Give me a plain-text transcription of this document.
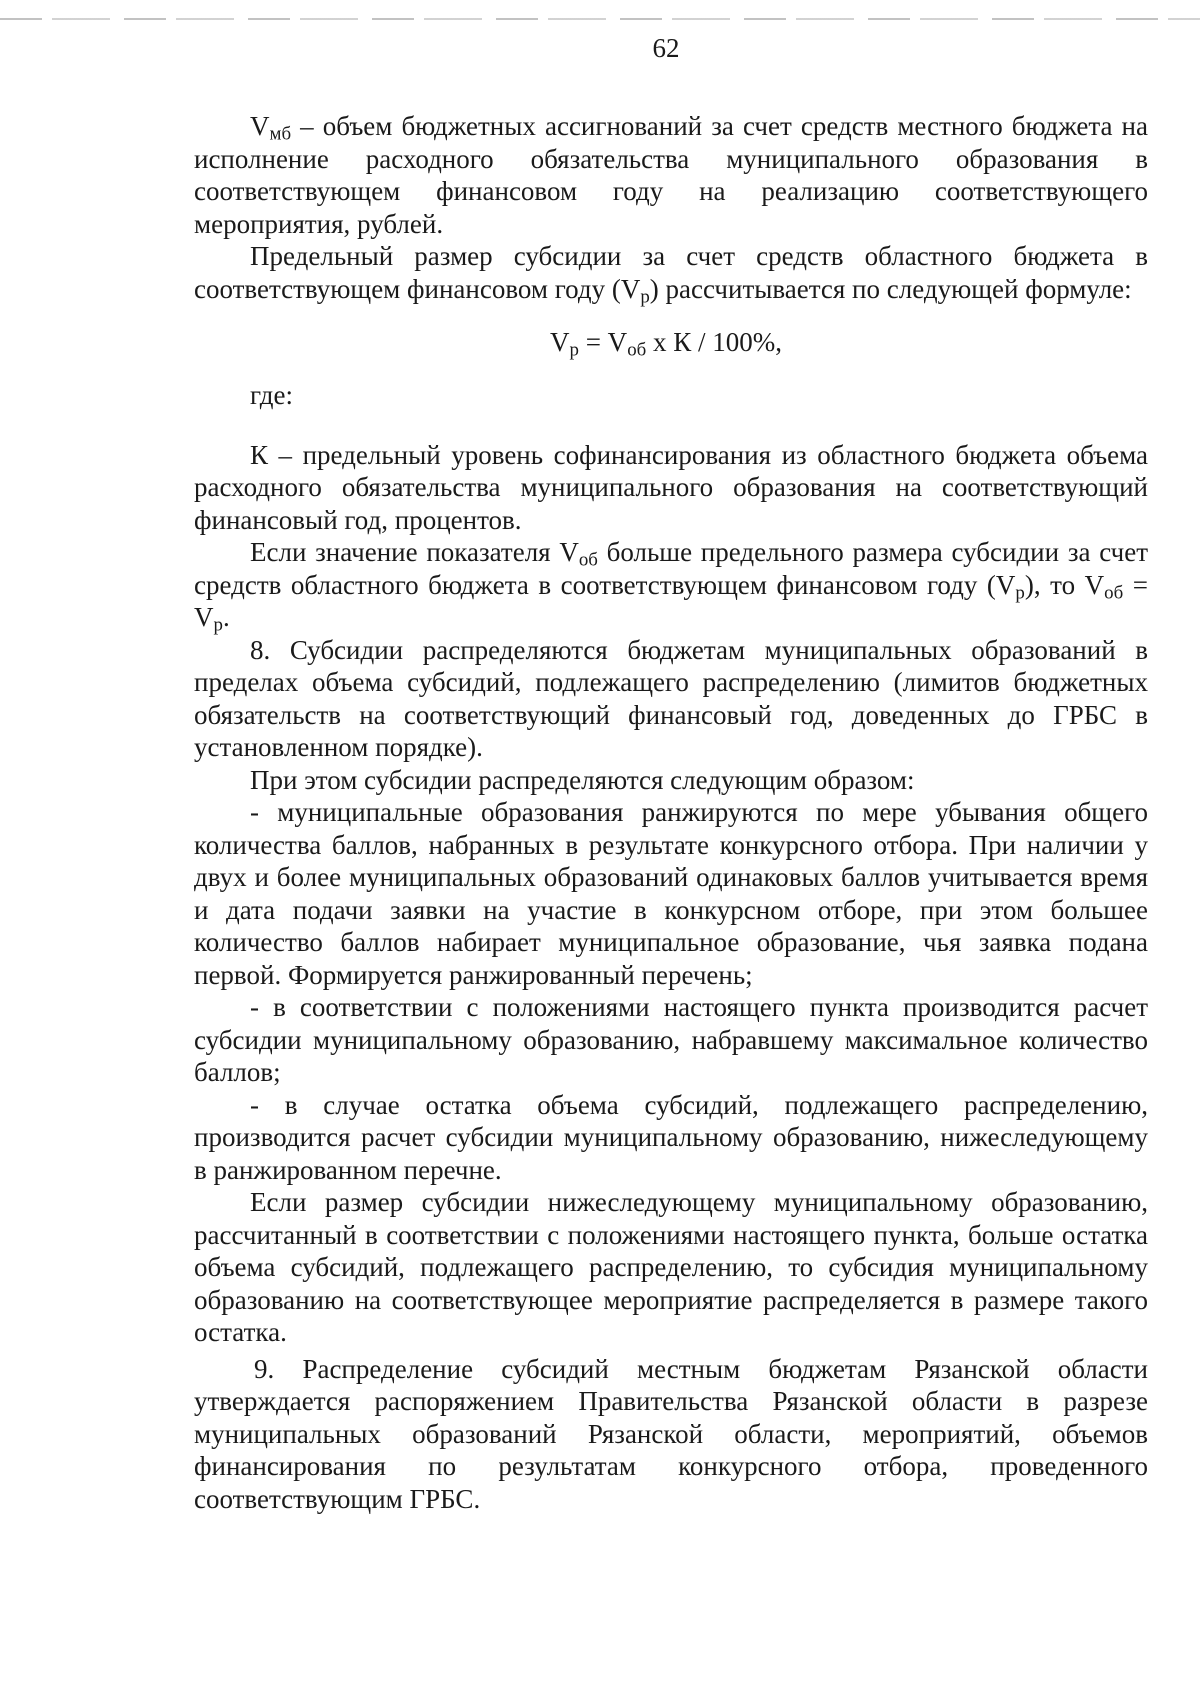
62

$V_{мб}$ – объем бюджетных ассигнований за счет средств местного бюджета на исполнение расходного обязательства муниципального образования в соответствующем финансовом году на реализацию соответствующего мероприятия, рублей.

Предельный размер субсидии за счет средств областного бюджета в соответствующем финансовом году $(V_р)$ рассчитывается по следующей формуле:

$V_р = V_{об}$ х К / 100%,

где:

К – предельный уровень софинансирования из областного бюджета объема расходного обязательства муниципального образования на соответствующий финансовый год, процентов.

Если значение показателя $V_{об}$ больше предельного размера субсидии за счет средств областного бюджета в соответствующем финансовом году $(V_р)$, то $V_{об} = V_р$.

8. Субсидии распределяются бюджетам муниципальных образований в пределах объема субсидий, подлежащего распределению (лимитов бюджетных обязательств на соответствующий финансовый год, доведенных до ГРБС в установленном порядке).

При этом субсидии распределяются следующим образом:

- муниципальные образования ранжируются по мере убывания общего количества баллов, набранных в результате конкурсного отбора. При наличии у двух и более муниципальных образований одинаковых баллов учитывается время и дата подачи заявки на участие в конкурсном отборе, при этом большее количество баллов набирает муниципальное образование, чья заявка подана первой. Формируется ранжированный перечень;

- в соответствии с положениями настоящего пункта производится расчет субсидии муниципальному образованию, набравшему максимальное количество баллов;

- в случае остатка объема субсидий, подлежащего распределению, производится расчет субсидии муниципальному образованию, нижеследующему в ранжированном перечне.

Если размер субсидии нижеследующему муниципальному образованию, рассчитанный в соответствии с положениями настоящего пункта, больше остатка объема субсидий, подлежащего распределению, то субсидия муниципальному образованию на соответствующее мероприятие распределяется в размере такого остатка.

9. Распределение субсидий местным бюджетам Рязанской области утверждается распоряжением Правительства Рязанской области в разрезе муниципальных образований Рязанской области, мероприятий, объемов финансирования по результатам конкурсного отбора, проведенного соответствующим ГРБС.
